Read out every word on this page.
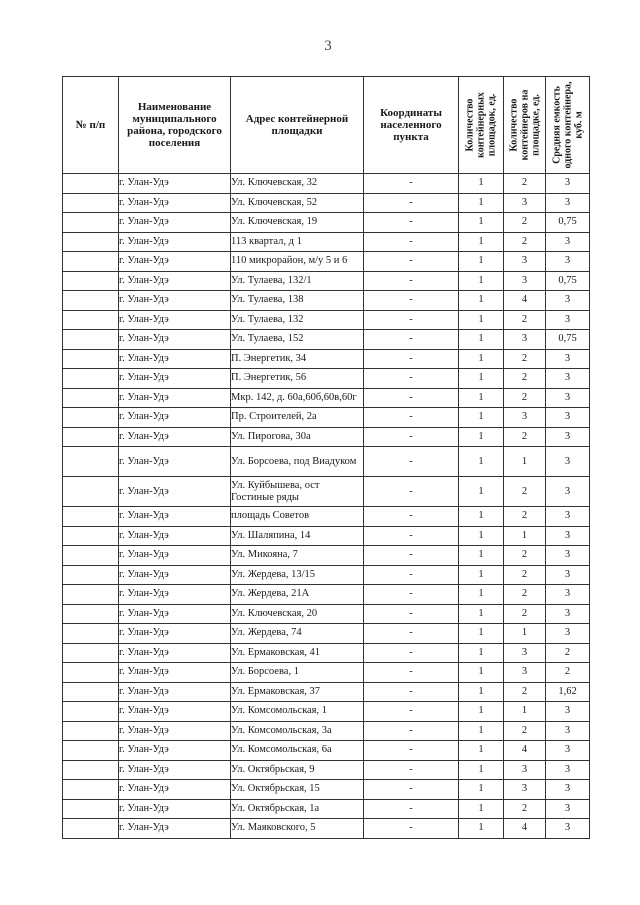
3
№ п/п	Наименование муниципального района, городского поселения	Адрес контейнерной площадки	Координаты населенного пункта	Количество контейнерных площадок, ед.	Количество контейнеров на площадке, ед.	Средняя емкость одного контейнера, куб. м

	г. Улан-Удэ	Ул. Ключевская, 32	-	1	2	3
	г. Улан-Удэ	Ул. Ключевская, 52	-	1	3	3
	г. Улан-Удэ	Ул. Ключевская, 19	-	1	2	0,75
	г. Улан-Удэ	113 квартал, д 1	-	1	2	3
	г. Улан-Удэ	110 микрорайон, м/у 5 и 6	-	1	3	3
	г. Улан-Удэ	Ул. Тулаева, 132/1	-	1	3	0,75
	г. Улан-Удэ	Ул. Тулаева, 138	-	1	4	3
	г. Улан-Удэ	Ул. Тулаева, 132	-	1	2	3
	г. Улан-Удэ	Ул. Тулаева, 152	-	1	3	0,75
	г. Улан-Удэ	П. Энергетик, 34	-	1	2	3
	г. Улан-Удэ	П. Энергетик, 56	-	1	2	3
	г. Улан-Удэ	Мкр. 142, д. 60а,60б,60в,60г	-	1	2	3
	г. Улан-Удэ	Пр. Строителей, 2а	-	1	3	3
	г. Улан-Удэ	Ул. Пирогова, 30а	-	1	2	3
	г. Улан-Удэ	Ул. Борсоева, под Виадуком	-	1	1	3
	г. Улан-Удэ	Ул. Куйбышева, ост Гостиные ряды	-	1	2	3
	г. Улан-Удэ	площадь Советов	-	1	2	3
	г. Улан-Удэ	Ул. Шаляпина, 14	-	1	1	3
	г. Улан-Удэ	Ул. Микояна, 7	-	1	2	3
	г. Улан-Удэ	Ул. Жердева, 13/15	-	1	2	3
	г. Улан-Удэ	Ул. Жердева, 21А	-	1	2	3
	г. Улан-Удэ	Ул. Ключевская, 20	-	1	2	3
	г. Улан-Удэ	Ул. Жердева, 74	-	1	1	3
	г. Улан-Удэ	Ул. Ермаковская, 41	-	1	3	2
	г. Улан-Удэ	Ул. Борсоева, 1	-	1	3	2
	г. Улан-Удэ	Ул. Ермаковская, 37	-	1	2	1,62
	г. Улан-Удэ	Ул. Комсомольская, 1	-	1	1	3
	г. Улан-Удэ	Ул. Комсомольская, 3а	-	1	2	3
	г. Улан-Удэ	Ул. Комсомольская, 6а	-	1	4	3
	г. Улан-Удэ	Ул. Октябрьская, 9	-	1	3	3
	г. Улан-Удэ	Ул. Октябрьская, 15	-	1	3	3
	г. Улан-Удэ	Ул. Октябрьская, 1а	-	1	2	3
	г. Улан-Удэ	Ул. Маяковского, 5	-	1	4	3
